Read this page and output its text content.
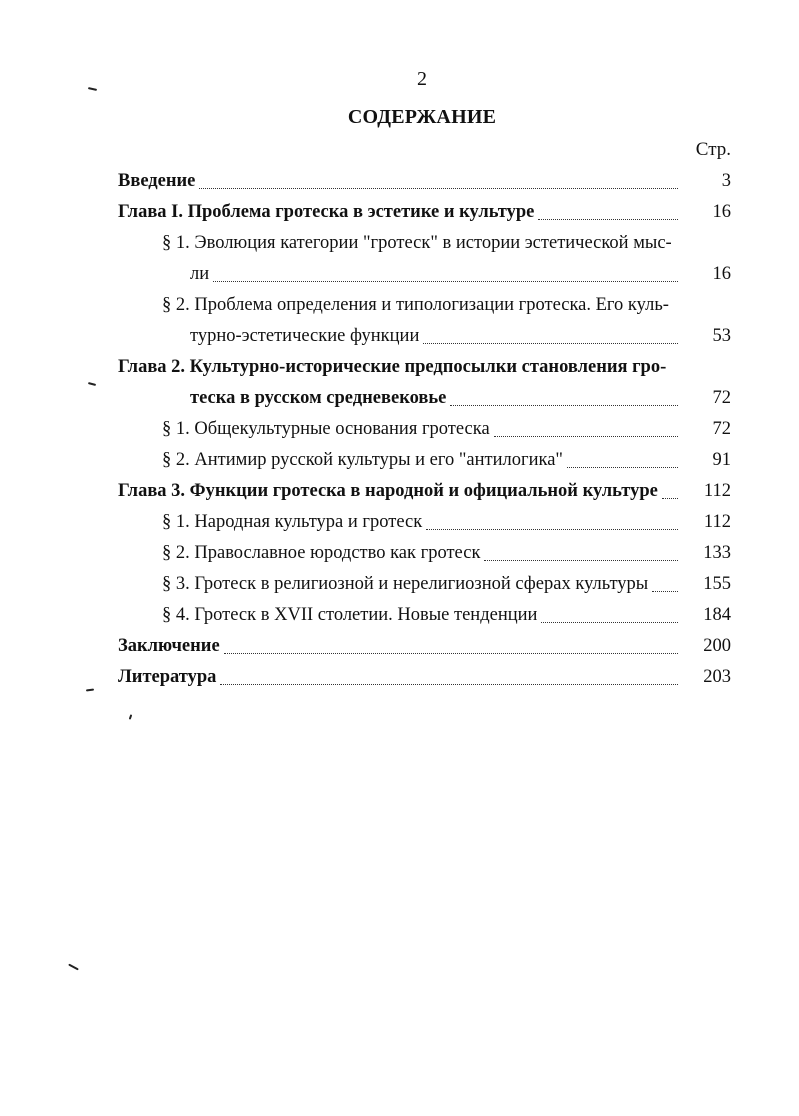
2
СОДЕРЖАНИЕ
Стр.
Введение	3
Глава I. Проблема гротеска в эстетике и культуре	16
§ 1. Эволюция категории "гротеск" в истории эстетической мыс-
ли	16
§ 2. Проблема определения и типологизации гротеска. Его куль-
турно-эстетические функции	53
Глава 2. Культурно-исторические предпосылки становления гро-
теска в русском средневековье	72
§ 1. Общекультурные основания гротеска	72
§ 2. Антимир русской культуры и его "антилогика"	91
Глава 3. Функции гротеска в народной и официальной культуре 112
§ 1. Народная культура и гротеск	112
§ 2. Православное юродство как гротеск	133
§ 3. Гротеск в религиозной и нерелигиозной сферах культуры	155
§ 4. Гротеск в XVII столетии. Новые тенденции	184
Заключение	200
Литература	203
